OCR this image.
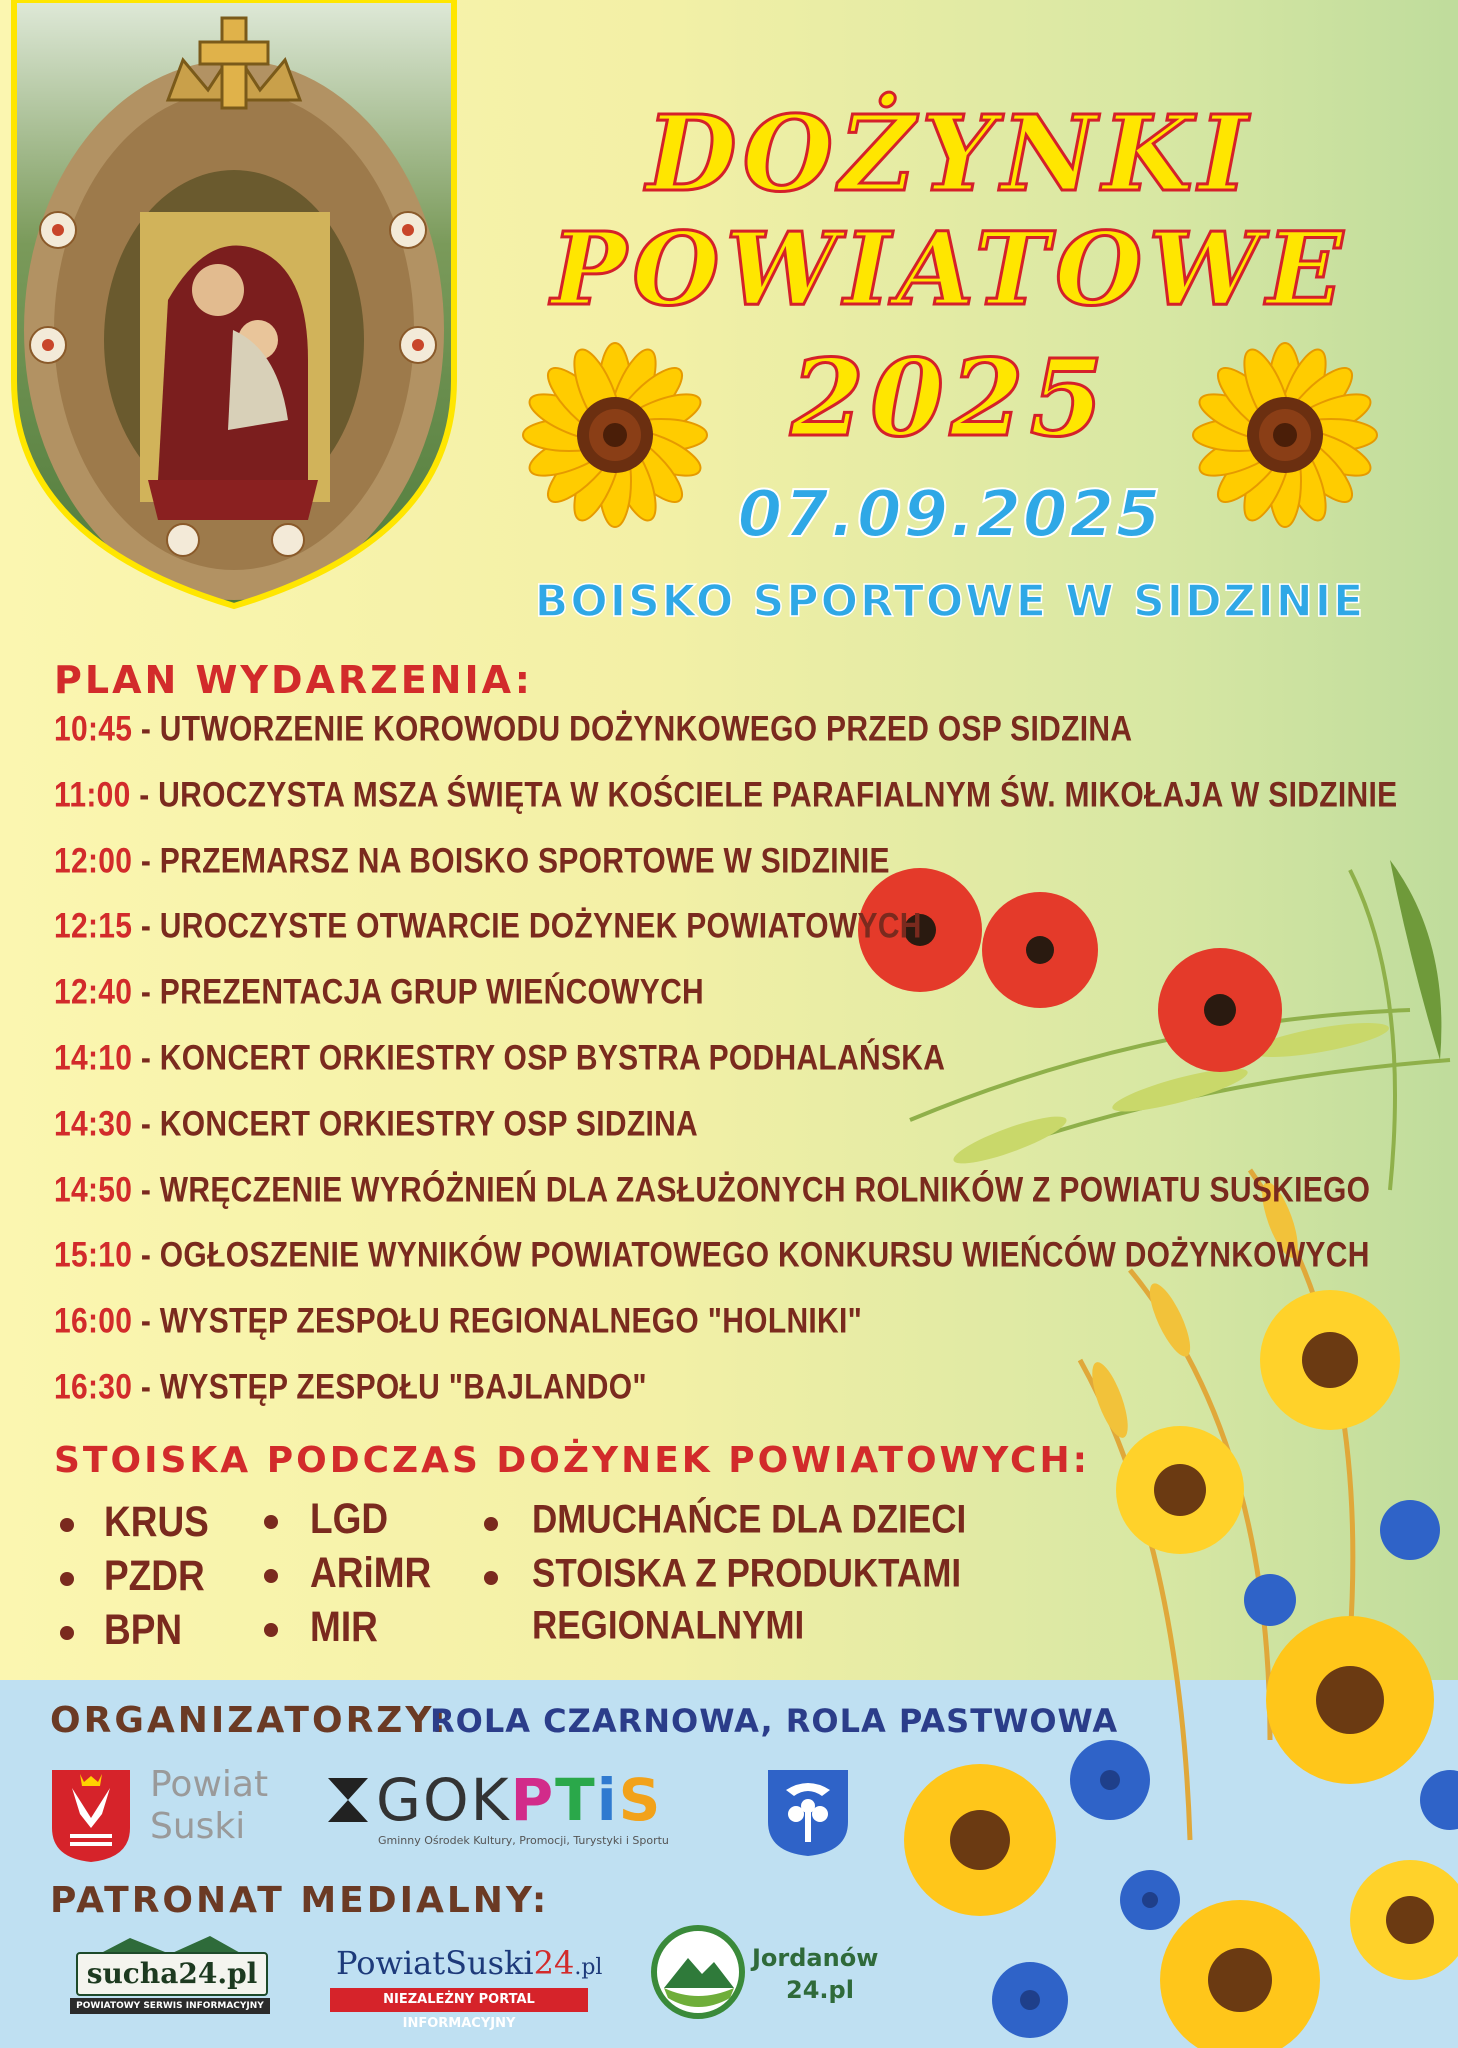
DOŻYNKI
POWIATOWE
2025
07.09.2025
BOISKO SPORTOWE W SIDZINIE
PLAN WYDARZENIA:
10:45 - UTWORZENIE KOROWODU DOŻYNKOWEGO PRZED OSP SIDZINA
11:00 - UROCZYSTA MSZA ŚWIĘTA W KOŚCIELE PARAFIALNYM ŚW. MIKOŁAJA W SIDZINIE
12:00 - PRZEMARSZ NA BOISKO SPORTOWE W SIDZINIE
12:15 - UROCZYSTE OTWARCIE DOŻYNEK POWIATOWYCH
12:40 - PREZENTACJA GRUP WIEŃCOWYCH
14:10 - KONCERT ORKIESTRY OSP BYSTRA PODHALAŃSKA
14:30 - KONCERT ORKIESTRY OSP SIDZINA
14:50 - WRĘCZENIE WYRÓŻNIEŃ DLA ZASŁUŻONYCH ROLNIKÓW Z POWIATU SUSKIEGO
15:10 - OGŁOSZENIE WYNIKÓW POWIATOWEGO KONKURSU WIEŃCÓW DOŻYNKOWYCH
16:00 - WYSTĘP ZESPOŁU REGIONALNEGO "HOLNIKI"
16:30 - WYSTĘP ZESPOŁU "BAJLANDO"
STOISKA PODCZAS DOŻYNEK POWIATOWYCH:
KRUS
PZDR
BPN
LGD
ARiMR
MIR
DMUCHAŃCE DLA DZIECI
STOISKA Z PRODUKTAMI
REGIONALNYMI
ORGANIZATORZY:
ROLA CZARNOWA, ROLA PASTWOWA
Powiat
Suski GOKPTiS
Gminny Ośrodek Kultury, Promocji, Turystyki i Sportu
PATRONAT MEDIALNY:
sucha24.pl
POWIATOWY SERWIS INFORMACYJNY
PowiatSuski24.pl
NIEZALEŻNY PORTAL INFORMACYJNY
Jordanów
24.pl
